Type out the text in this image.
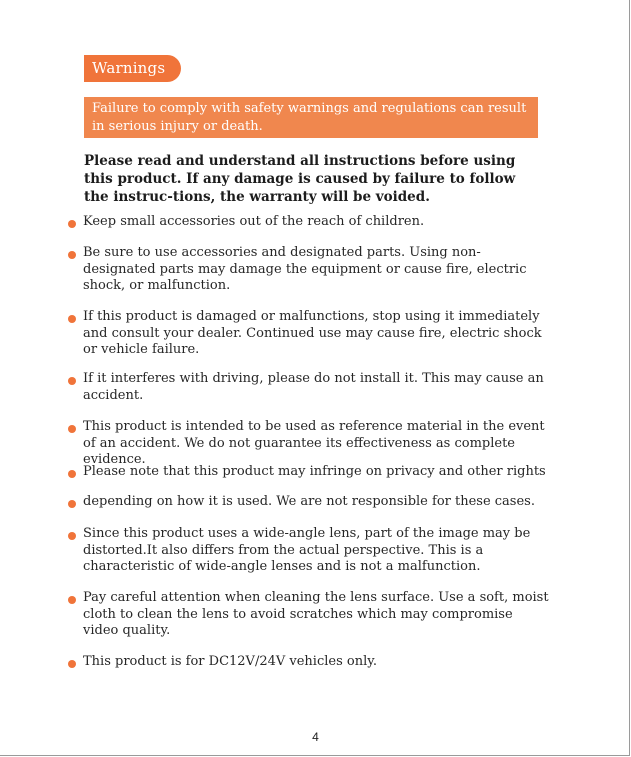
Warnings
Failure to comply with safety warnings and regulations can result in serious injury or death.
Please read and understand all instructions before using this product. If any damage is caused by failure to follow the instruc-tions, the warranty will be voided.
Keep small accessories out of the reach of children.
Be sure to use accessories and designated parts. Using non-designated parts may damage the equipment or cause fire, electric shock, or malfunction.
If this product is damaged or malfunctions, stop using it immediately and consult your dealer. Continued use may cause fire, electric shock or vehicle failure.
If it interferes with driving, please do not install it. This may cause an accident.
This product is intended to be used as reference material in the event of an accident. We do not guarantee its effectiveness as complete evidence.
Please note that this product may infringe on privacy and other rights
depending on how it is used. We are not responsible for these cases.
Since this product uses a wide-angle lens, part of the image may be distorted.It also differs from the actual perspective. This is a characteristic of wide-angle lenses and is not a malfunction.
Pay careful attention when cleaning the lens surface. Use a soft, moist cloth to clean the lens to avoid scratches which may compromise video quality.
This product is for DC12V/24V vehicles only.
4
